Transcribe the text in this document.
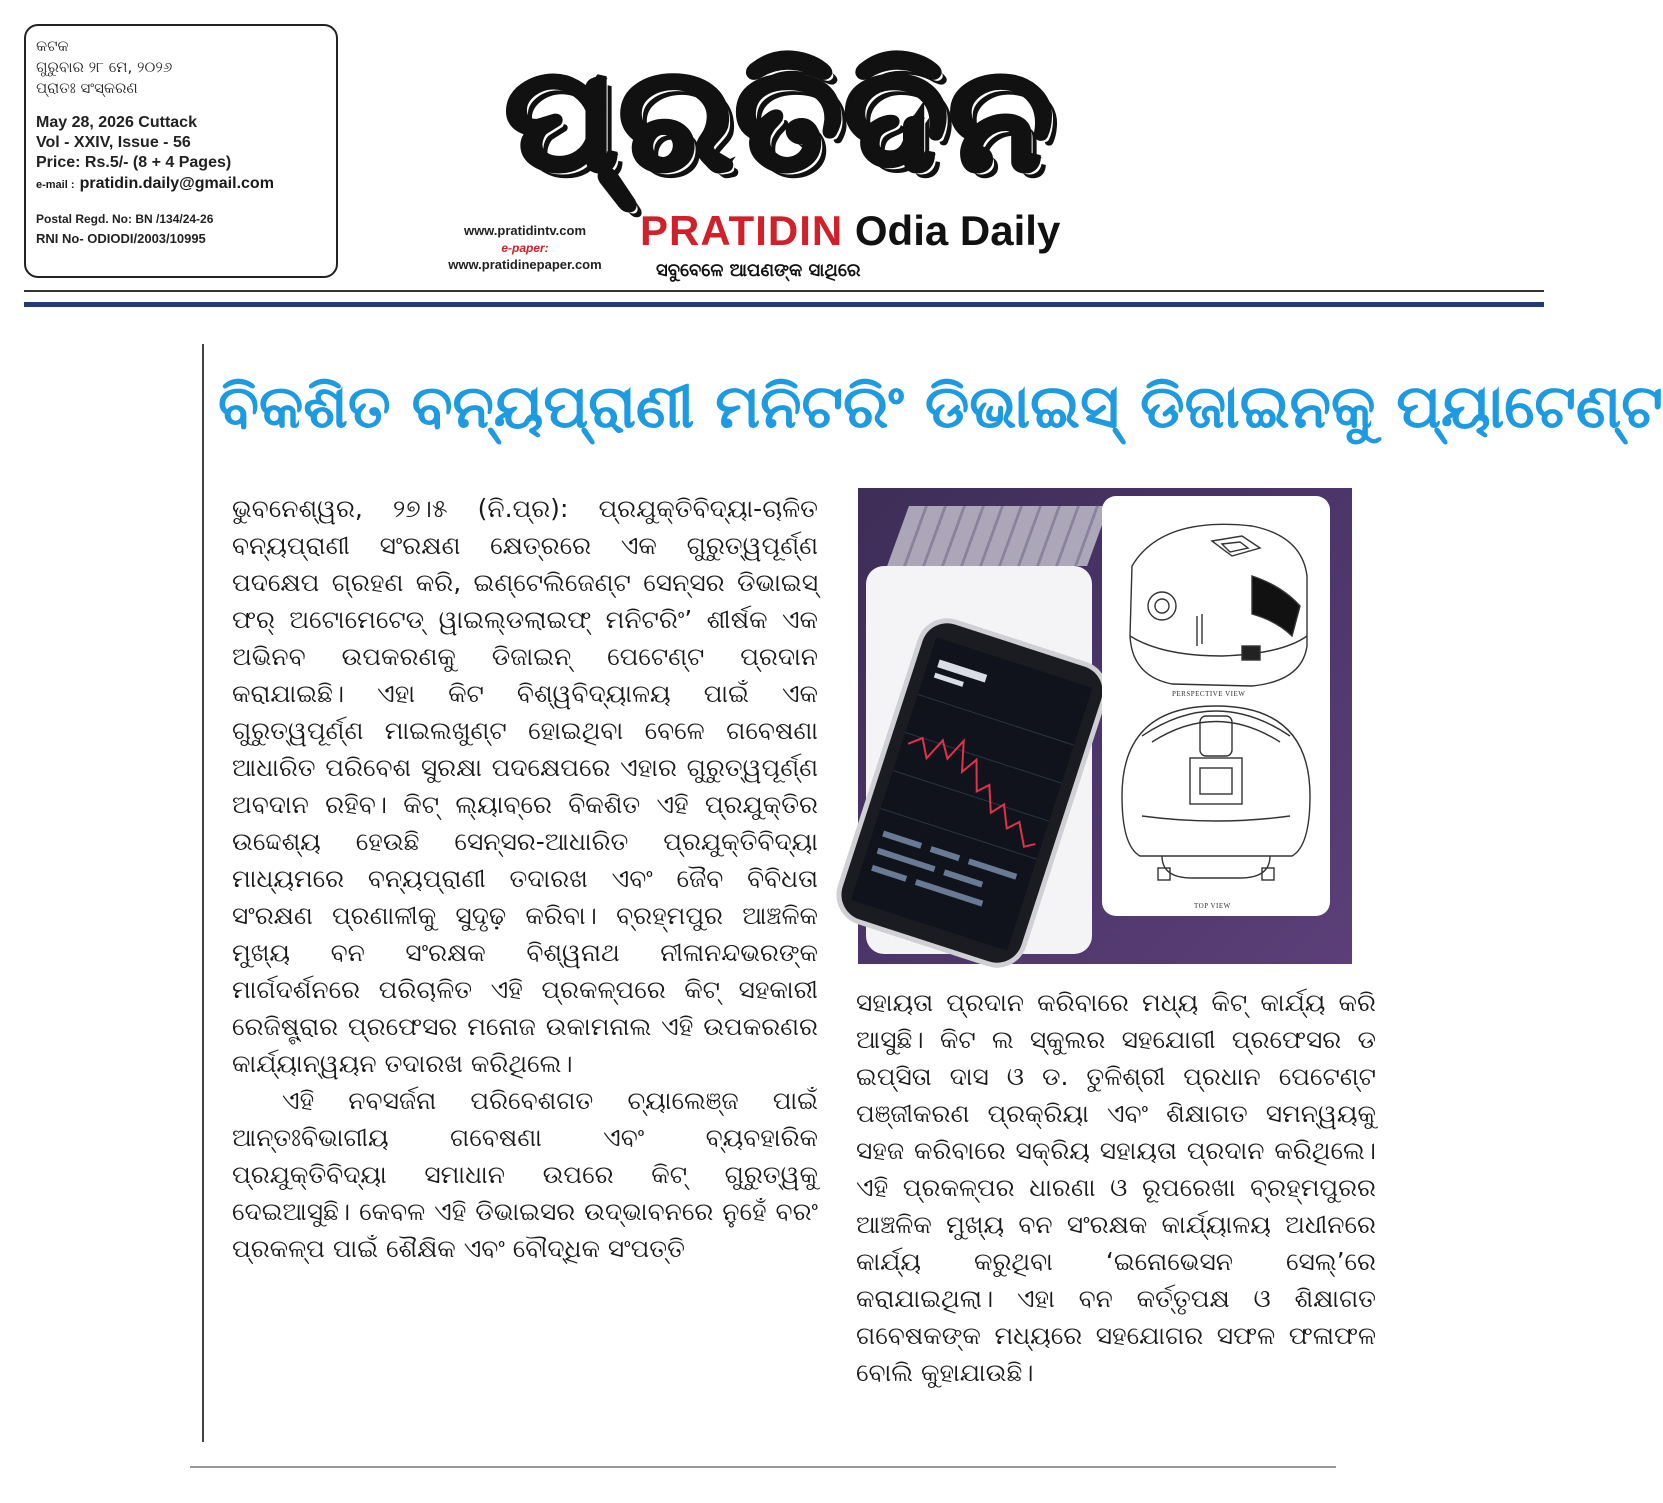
କଟକ
ଗୁରୁବାର ୨୮ ମେ, ୨୦୨୬
ପ୍ରାତଃ ସଂସ୍କରଣ
May 28, 2026 Cuttack
Vol - XXIV, Issue - 56
Price: Rs.5/- (8 + 4 Pages)
e-mail : pratidin.daily@gmail.com
Postal Regd. No: BN /134/24-26
RNI No- ODIODI/2003/10995
ପ୍ରତିଦିନ
www.pratidintv.com
e-paper:
www.pratidinepaper.com
PRATIDIN Odia Daily
ସବୁବେଳେ ଆପଣଙ୍କ ସାଥିରେ
ବିକଶିତ ବନ୍ୟପ୍ରାଣୀ ମନିଟରିଂ ଡିଭାଇସ୍ ଡିଜାଇନକୁ ପ୍ୟାଟେଣ୍ଟ

ଭୁବନେଶ୍ୱର, ୨୭।୫ (ନି.ପ୍ର): ପ୍ରଯୁକ୍ତିବିଦ୍ୟା-ଚାଳିତ ବନ୍ୟପ୍ରାଣୀ ସଂରକ୍ଷଣ କ୍ଷେତ୍ରରେ ଏକ ଗୁରୁତ୍ୱପୂର୍ଣ୍ଣ ପଦକ୍ଷେପ ଗ୍ରହଣ କରି, ଇଣ୍ଟେଲିଜେଣ୍ଟ ସେନ୍ସର ଡିଭାଇସ୍ ଫର୍ ଅଟୋମେଟେଡ୍ ୱାଇଲ୍ଡଲାଇଫ୍ ମନିଟରିଂ’ ଶୀର୍ଷକ ଏକ ଅଭିନବ ଉପକରଣକୁ ଡିଜାଇନ୍ ପେଟେଣ୍ଟ ପ୍ରଦାନ କରାଯାଇଛି। ଏହା କିଟ ବିଶ୍ୱବିଦ୍ୟାଳୟ ପାଇଁ ଏକ ଗୁରୁତ୍ୱପୂର୍ଣ୍ଣ ମାଇଲଖୁଣ୍ଟ ହୋଇଥିବା ବେଳେ ଗବେଷଣା ଆଧାରିତ ପରିବେଶ ସୁରକ୍ଷା ପଦକ୍ଷେପରେ ଏହାର ଗୁରୁତ୍ୱପୂର୍ଣ୍ଣ ଅବଦାନ ରହିବ। କିଟ୍ ଲ୍ୟାବ୍‌ରେ ବିକଶିତ ଏହି ପ୍ରଯୁକ୍ତିର ଉଦ୍ଦେଶ୍ୟ ହେଉଛି ସେନ୍ସର-ଆଧାରିତ ପ୍ରଯୁକ୍ତିବିଦ୍ୟା ମାଧ୍ୟମରେ ବନ୍ୟପ୍ରାଣୀ ତଦାରଖ ଏବଂ ଜୈବ ବିବିଧତା ସଂରକ୍ଷଣ ପ୍ରଣାଳୀକୁ ସୁଦୃଢ଼ କରିବା। ବ୍ରହ୍ମପୁର ଆଞ୍ଚଳିକ ମୁଖ୍ୟ ବନ ସଂରକ୍ଷକ ବିଶ୍ୱନାଥ ନୀଳାନନ୍ଦଭରଙ୍କ ମାର୍ଗଦର୍ଶନରେ ପରିଚାଳିତ ଏହି ପ୍ରକଳ୍ପରେ କିଟ୍ ସହକାରୀ ରେଜିଷ୍ଟ୍ରାର ପ୍ରଫେସର ମନୋଜ ଉକାମନାଲ ଏହି ଉପକରଣର କାର୍ଯ୍ୟାନ୍ୱୟନ ତଦାରଖ କରିଥିଲେ।

ଏହି ନବସର୍ଜନା ପରିବେଶଗତ ଚ୍ୟାଲେଞ୍ଜ ପାଇଁ ଆନ୍ତଃବିଭାଗୀୟ ଗବେଷଣା ଏବଂ ବ୍ୟବହାରିକ ପ୍ରଯୁକ୍ତିବିଦ୍ୟା ସମାଧାନ ଉପରେ କିଟ୍ ଗୁରୁତ୍ୱକୁ ଦେଇଆସୁଛି। କେବଳ ଏହି ଡିଭାଇସର ଉଦ୍ଭାବନରେ ନୁହେଁ ବରଂ ପ୍ରକଳ୍ପ ପାଇଁ ଶୈକ୍ଷିକ ଏବଂ ବୌଦ୍ଧିକ ସଂପତ୍ତି

PERSPECTIVE VIEW
TOP VIEW

ସହାୟତା ପ୍ରଦାନ କରିବାରେ ମଧ୍ୟ କିଟ୍ କାର୍ଯ୍ୟ କରି ଆସୁଛି। କିଟ ଲ ସ୍କୁଲର ସହଯୋଗୀ ପ୍ରଫେସର ଡ ଇପ୍ସିତା ଦାସ ଓ ଡ. ତୁଳିଶ୍ରୀ ପ୍ରଧାନ ପେଟେଣ୍ଟ ପଞ୍ଜୀକରଣ ପ୍ରକ୍ରିୟା ଏବଂ ଶିକ୍ଷାଗତ ସମନ୍ୱୟକୁ ସହଜ କରିବାରେ ସକ୍ରିୟ ସହାୟତା ପ୍ରଦାନ କରିଥିଲେ। ଏହି ପ୍ରକଳ୍ପର ଧାରଣା ଓ ରୂପରେଖା ବ୍ରହ୍ମପୁରର ଆଞ୍ଚଳିକ ମୁଖ୍ୟ ବନ ସଂରକ୍ଷକ କାର୍ଯ୍ୟାଳୟ ଅଧୀନରେ କାର୍ଯ୍ୟ କରୁଥିବା ‘ଇନୋଭେସନ ସେଲ୍’ରେ କରାଯାଇଥିଲା। ଏହା ବନ କର୍ତ୍ତୃପକ୍ଷ ଓ ଶିକ୍ଷାଗତ ଗବେଷକଙ୍କ ମଧ୍ୟରେ ସହଯୋଗର ସଫଳ ଫଳାଫଳ ବୋଲି କୁହାଯାଉଛି।
